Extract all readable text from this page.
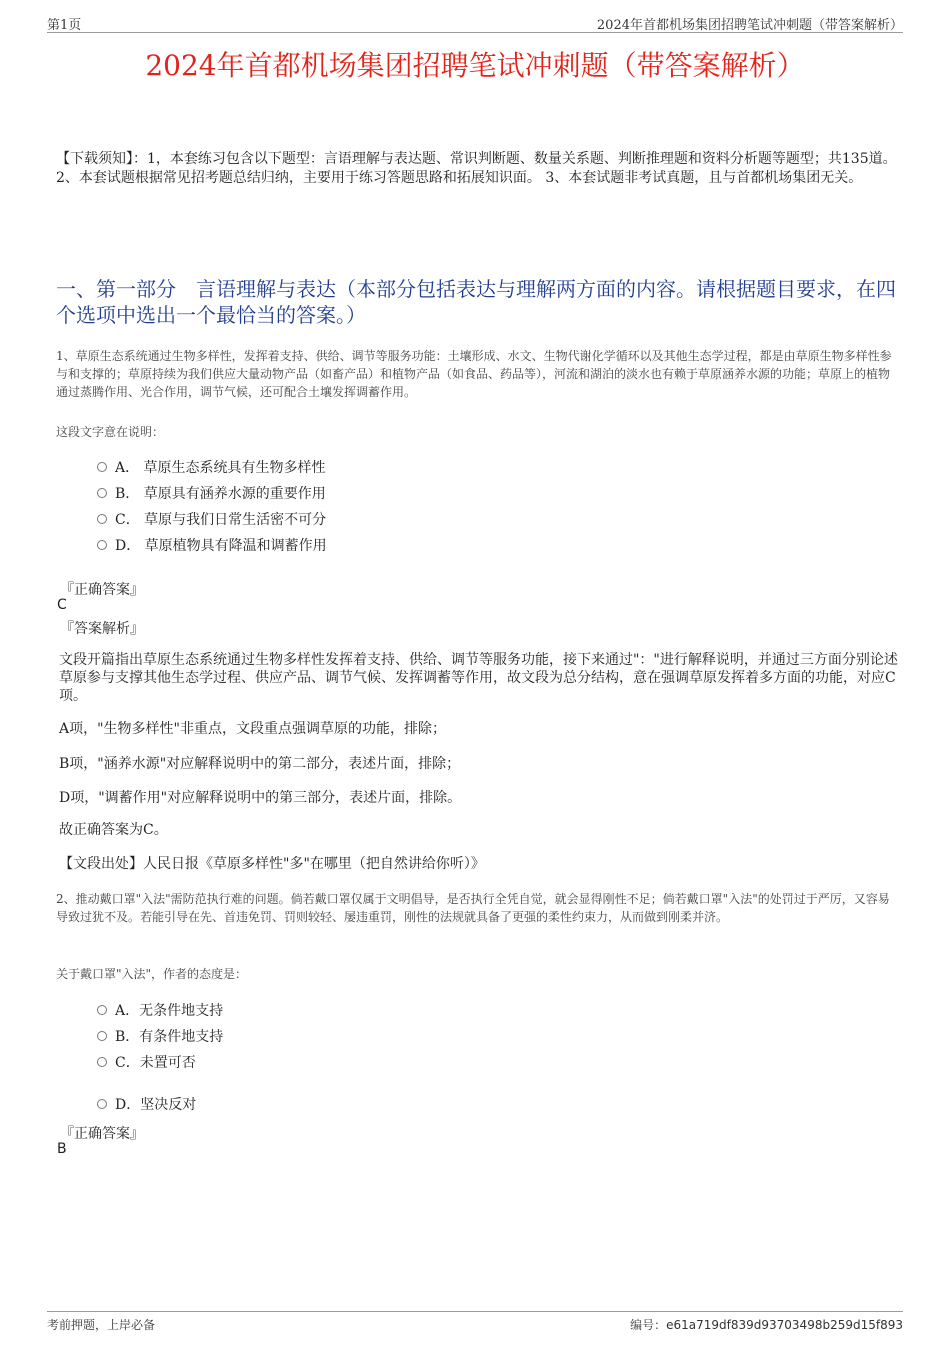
第1页	2024年首都机场集团招聘笔试冲刺题（带答案解析）
2024年首都机场集团招聘笔试冲刺题（带答案解析）
【下载须知】：1，本套练习包含以下题型：言语理解与表达题、常识判断题、数量关系题、判断推理题和资料分析题等题型；共135道。 2、本套试题根据常见招考题总结归纳，主要用于练习答题思路和拓展知识面。 3、本套试题非考试真题，且与首都机场集团无关。
一、第一部分　言语理解与表达（本部分包括表达与理解两方面的内容。请根据题目要求，在四个选项中选出一个最恰当的答案。）
1、草原生态系统通过生物多样性，发挥着支持、供给、调节等服务功能：土壤形成、水文、生物代谢化学循环以及其他生态学过程，都是由草原生物多样性参与和支撑的；草原持续为我们供应大量动物产品（如畜产品）和植物产品（如食品、药品等），河流和湖泊的淡水也有赖于草原涵养水源的功能；草原上的植物通过蒸腾作用、光合作用，调节气候，还可配合土壤发挥调蓄作用。
这段文字意在说明：
A． 草原生态系统具有生物多样性
B． 草原具有涵养水源的重要作用
C． 草原与我们日常生活密不可分
D． 草原植物具有降温和调蓄作用
『正确答案』
C
『答案解析』
文段开篇指出草原生态系统通过生物多样性发挥着支持、供给、调节等服务功能，接下来通过"："进行解释说明，并通过三方面分别论述草原参与支撑其他生态学过程、供应产品、调节气候、发挥调蓄等作用，故文段为总分结构，意在强调草原发挥着多方面的功能，对应C项。
A项，"生物多样性"非重点，文段重点强调草原的功能，排除；
B项，"涵养水源"对应解释说明中的第二部分，表述片面，排除；
D项，"调蓄作用"对应解释说明中的第三部分，表述片面，排除。
故正确答案为C。
【文段出处】人民日报《草原多样性"多"在哪里（把自然讲给你听）》
2、推动戴口罩"入法"需防范执行难的问题。倘若戴口罩仅属于文明倡导，是否执行全凭自觉，就会显得刚性不足；倘若戴口罩"入法"的处罚过于严厉，又容易导致过犹不及。若能引导在先、首违免罚、罚则较轻、屡违重罚，刚性的法规就具备了更强的柔性约束力，从而做到刚柔并济。
关于戴口罩"入法"，作者的态度是：
A．无条件地支持
B．有条件地支持
C．未置可否
D．坚决反对
『正确答案』
B
考前押题，上岸必备	编号：e61a719df839d93703498b259d15f893
